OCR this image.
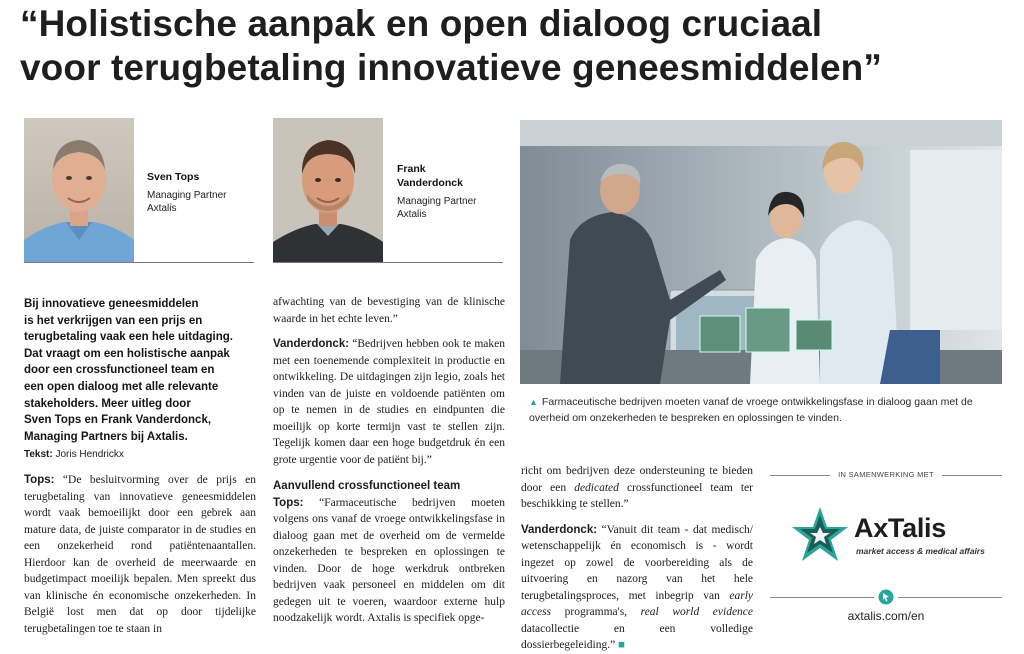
“Holistische aanpak en open dialoog cruciaal
voor terugbetaling innovatieve geneesmiddelen”
Sven Tops
Managing Partner
Axtalis
Frank
Vanderdonck
Managing Partner
Axtalis
Bij innovatieve geneesmiddelen
is het verkrijgen van een prijs en
terugbetaling vaak een hele uitdaging.
Dat vraagt om een holistische aanpak
door een crossfunctioneel team en
een open dialoog met alle relevante
stakeholders. Meer uitleg door
Sven Tops en Frank Vanderdonck,
Managing Partners bij Axtalis.
Tekst: Joris Hendrickx

Tops: “De besluitvorming over de prijs en terugbetaling van innovatieve geneesmiddelen wordt vaak bemoeilijkt door een gebrek aan mature data, de juiste comparator in de studies en een onzekerheid rond patiëntenaantallen. Hierdoor kan de overheid de meerwaarde en budgetimpact moeilijk bepalen. Men spreekt dus van klinische én economische onzekerheden. In België lost men dat op door tijdelijke terugbetalingen toe te staan in

afwachting van de bevestiging van de klinische waarde in het echte leven.”

Vanderdonck: “Bedrijven hebben ook te maken met een toenemende complexiteit in productie en ontwikkeling. De uitdagingen zijn legio, zoals het vinden van de juiste en voldoende patiënten om op te nemen in de studies en eindpunten die moeilijk op korte termijn vast te stellen zijn. Tegelijk komen daar een hoge budgetdruk én een grote urgentie voor de patiënt bij.”

Aanvullend crossfunctioneel team

Tops: “Farmaceutische bedrijven moeten volgens ons vanaf de vroege ontwikkelingsfase in dialoog gaan met de overheid om de vermelde onzekerheden te bespreken en oplossingen te vinden. Door de hoge werkdruk ontbreken bedrijven vaak personeel en middelen om dit gedegen uit te voeren, waardoor externe hulp noodzakelijk wordt. Axtalis is specifiek opge-

▲ Farmaceutische bedrijven moeten vanaf de vroege ontwikkelingsfase in dialoog gaan met de overheid om onzekerheden te bespreken en oplossingen te vinden.

richt om bedrijven deze ondersteuning te bieden door een dedicated crossfunctioneel team ter beschikking te stellen.”

Vanderdonck: “Vanuit dit team - dat medisch/ wetenschappelijk én economisch is - wordt ingezet op zowel de voorbereiding als de uitvoering en nazorg van het hele terugbetalingsproces, met inbegrip van early access programma's, real world evidence datacollectie en een volledige dossierbegeleiding.” ■

IN SAMENWERKING MET
AxTalis
market access & medical affairs
axtalis.com/en
